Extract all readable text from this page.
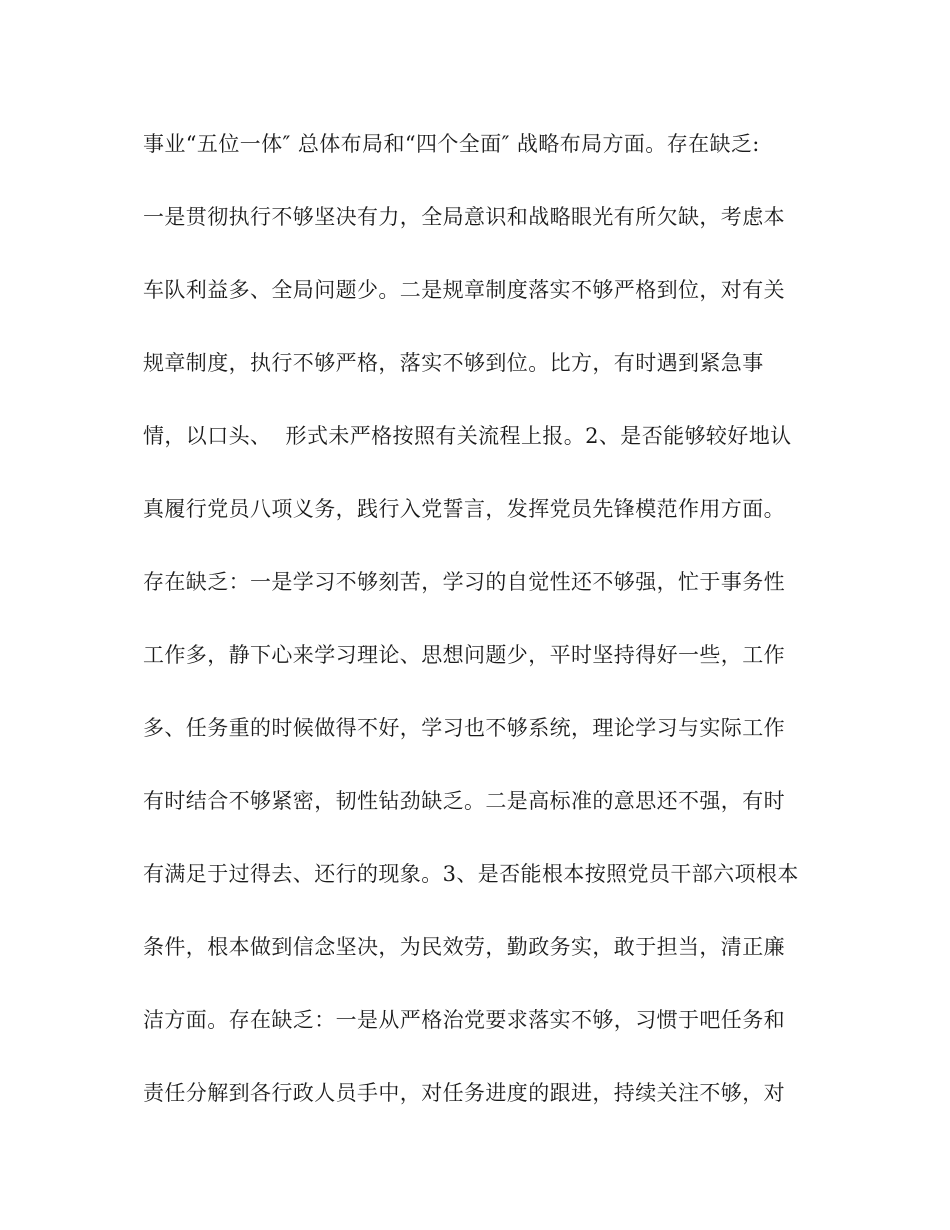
事业“五位一体″ 总体布局和“四个全面″ 战略布局方面。存在缺乏:
一是贯彻执行不够坚决有力，全局意识和战略眼光有所欠缺，考虑本
车队利益多、全局问题少。二是规章制度落实不够严格到位，对有关
规章制度，执行不够严格，落实不够到位。比方，有时遇到紧急事
情，以口头、  形式未严格按照有关流程上报。2、是否能够较好地认
真履行党员八项义务，践行入党誓言，发挥党员先锋模范作用方面。
存在缺乏：一是学习不够刻苦，学习的自觉性还不够强，忙于事务性
工作多，静下心来学习理论、思想问题少，平时坚持得好一些，工作
多、任务重的时候做得不好，学习也不够系统，理论学习与实际工作
有时结合不够紧密，韧性钻劲缺乏。二是高标准的意思还不强，有时
有满足于过得去、还行的现象。3、是否能根本按照党员干部六项根本
条件，根本做到信念坚决，为民效劳，勤政务实，敢于担当，清正廉
洁方面。存在缺乏：一是从严格治党要求落实不够，习惯于吧任务和
责任分解到各行政人员手中，对任务进度的跟进，持续关注不够，对
